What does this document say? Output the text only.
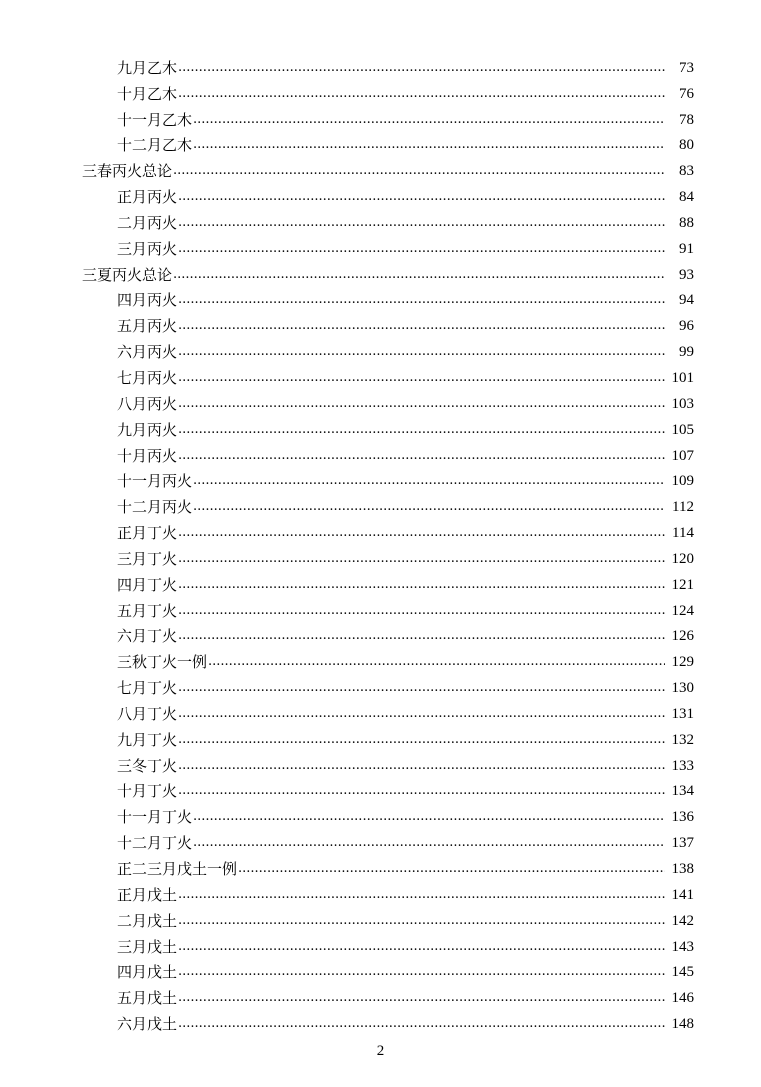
九月乙木 .....	73
十月乙木 .....	76
十一月乙木 .....	78
十二月乙木 .....	80
三春丙火总论 .....	83
正月丙火 .....	84
二月丙火 .....	88
三月丙火 .....	91
三夏丙火总论 .....	93
四月丙火 .....	94
五月丙火 .....	96
六月丙火 .....	99
七月丙火 .....	101
八月丙火 .....	103
九月丙火 .....	105
十月丙火 .....	107
十一月丙火 .....	109
十二月丙火 .....	112
正月丁火 .....	114
三月丁火 .....	120
四月丁火 .....	121
五月丁火 .....	124
六月丁火 .....	126
三秋丁火一例 .....	129
七月丁火 .....	130
八月丁火 .....	131
九月丁火 .....	132
三冬丁火 .....	133
十月丁火 .....	134
十一月丁火 .....	136
十二月丁火 .....	137
正二三月戊土一例 .....	138
正月戊土 .....	141
二月戊土 .....	142
三月戊土 .....	143
四月戊土 .....	145
五月戊土 .....	146
六月戊土 .....	148
2
